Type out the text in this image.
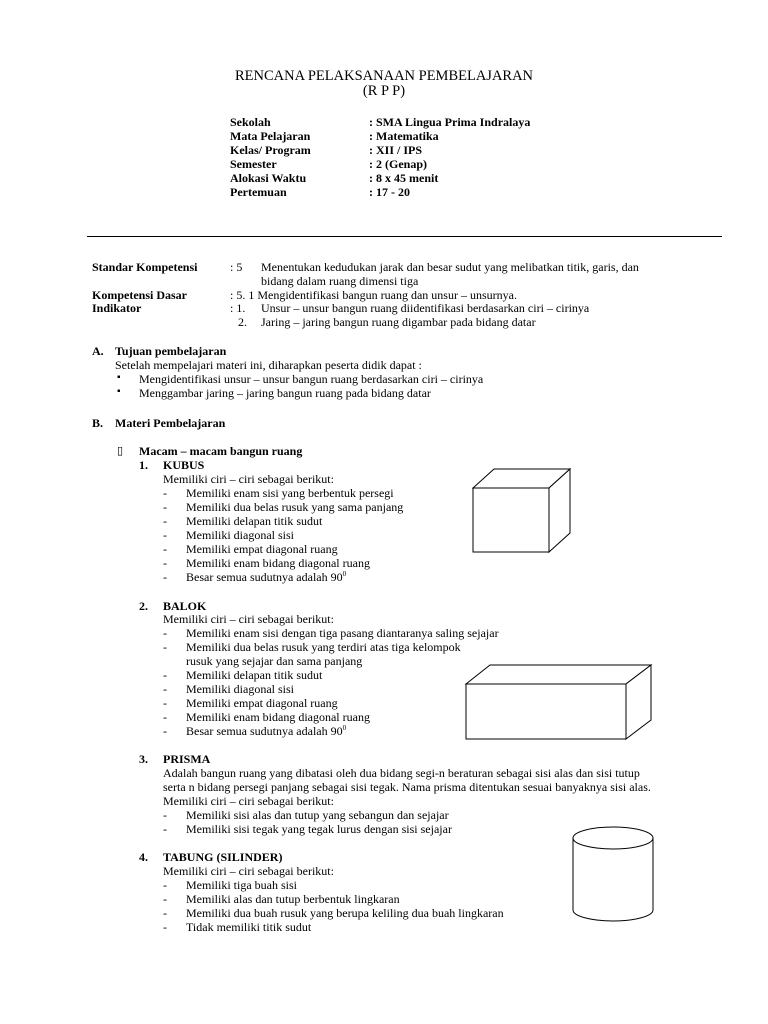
RENCANA PELAKSANAAN PEMBELAJARAN
(R P P)
Sekolah	: SMA Lingua Prima Indralaya
Mata Pelajaran	: Matematika
Kelas/ Program	: XII / IPS
Semester	: 2 (Genap)
Alokasi Waktu	: 8 x 45 menit
Pertemuan	: 17 - 20
Standar Kompetensi	: 5 Menentukan kedudukan jarak dan besar sudut yang melibatkan titik, garis, dan
bidang dalam ruang dimensi tiga
Kompetensi Dasar	: 5. 1 Mengidentifikasi bangun ruang dan unsur – unsurnya.
Indikator	: 1. Unsur – unsur bangun ruang diidentifikasi berdasarkan ciri – cirinya
2. Jaring – jaring bangun ruang digambar pada bidang datar
A. Tujuan pembelajaran
Setelah mempelajari materi ini, diharapkan peserta didik dapat :
▪ Mengidentifikasi unsur – unsur bangun ruang berdasarkan ciri – cirinya
▪ Menggambar jaring – jaring bangun ruang pada bidang datar
B. Materi Pembelajaran
▯ Macam – macam bangun ruang
1. KUBUS
Memiliki ciri – ciri sebagai berikut:
- Memiliki enam sisi yang berbentuk persegi
- Memiliki dua belas rusuk yang sama panjang
- Memiliki delapan titik sudut
- Memiliki diagonal sisi
- Memiliki empat diagonal ruang
- Memiliki enam bidang diagonal ruang
- Besar semua sudutnya adalah $90^0$
2. BALOK
Memiliki ciri – ciri sebagai berikut:
- Memiliki enam sisi dengan tiga pasang diantaranya saling sejajar
- Memiliki dua belas rusuk yang terdiri atas tiga kelompok
rusuk yang sejajar dan sama panjang
- Memiliki delapan titik sudut
- Memiliki diagonal sisi
- Memiliki empat diagonal ruang
- Memiliki enam bidang diagonal ruang
- Besar semua sudutnya adalah $90^0$
3. PRISMA
Adalah bangun ruang yang dibatasi oleh dua bidang segi-n beraturan sebagai sisi alas dan sisi tutup
serta n bidang persegi panjang sebagai sisi tegak. Nama prisma ditentukan sesuai banyaknya sisi alas.
Memiliki ciri – ciri sebagai berikut:
- Memiliki sisi alas dan tutup yang sebangun dan sejajar
- Memiliki sisi tegak yang tegak lurus dengan sisi sejajar
4. TABUNG (SILINDER)
Memiliki ciri – ciri sebagai berikut:
- Memiliki tiga buah sisi
- Memiliki alas dan tutup berbentuk lingkaran
- Memiliki dua buah rusuk yang berupa keliling dua buah lingkaran
- Tidak memiliki titik sudut
